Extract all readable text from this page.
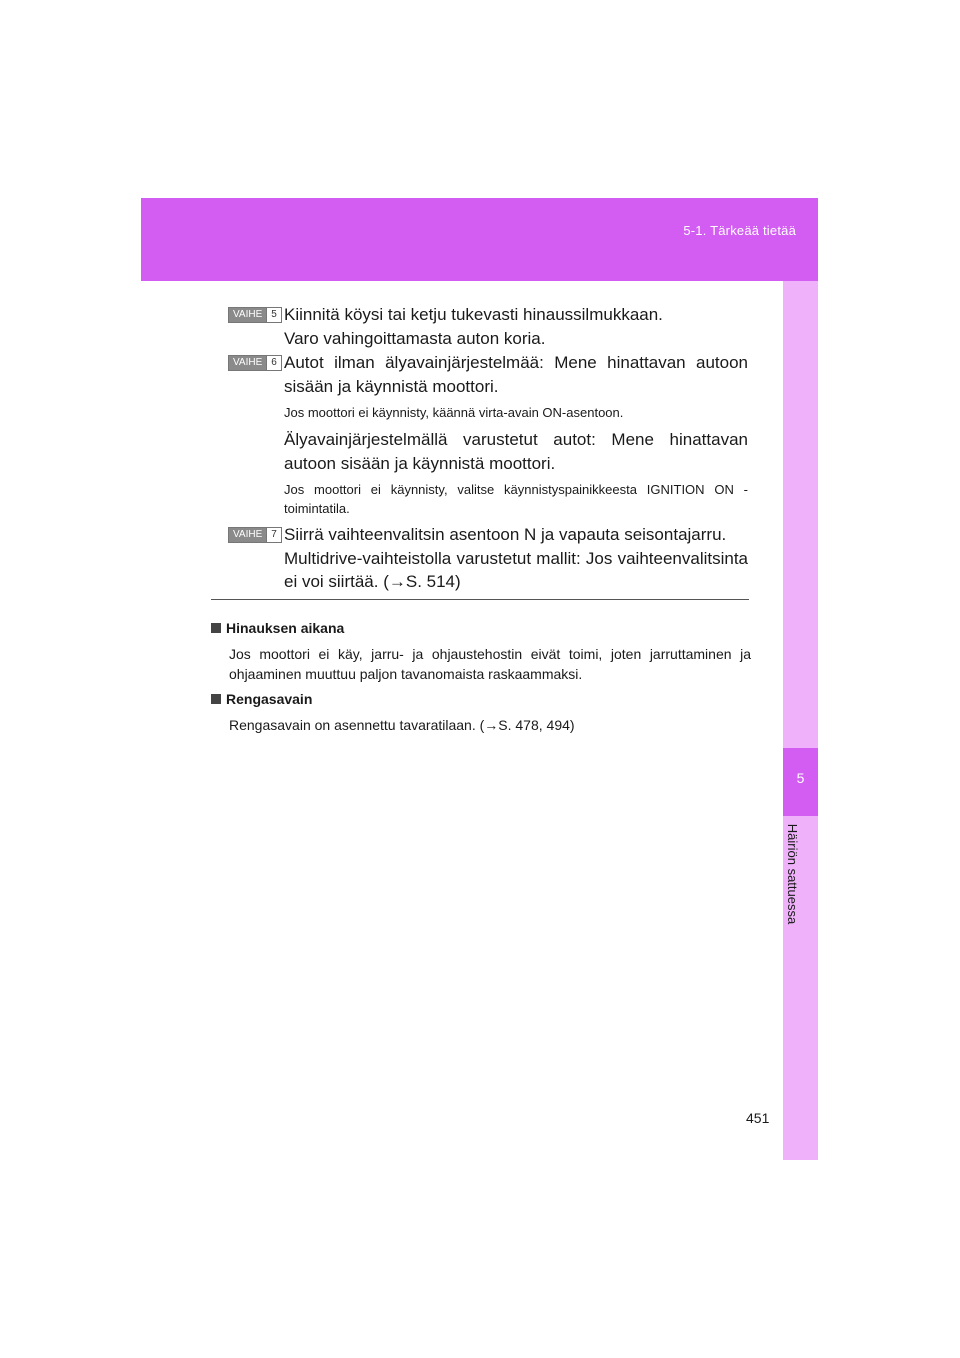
5-1. Tärkeää tietää
5
Häiriön sattuessa
VAIHE 5 Kiinnitä köysi tai ketju tukevasti hinaussilmukkaan.
Varo vahingoittamasta auton koria.
VAIHE 6 Autot ilman älyavainjärjestelmää: Mene hinattavan autoon sisään ja käynnistä moottori.
Jos moottori ei käynnisty, käännä virta-avain ON-asentoon.
Älyavainjärjestelmällä varustetut autot: Mene hinattavan autoon sisään ja käynnistä moottori.
Jos moottori ei käynnisty, valitse käynnistyspainikkeesta IGNITION ON -toimintatila.
VAIHE 7 Siirrä vaihteenvalitsin asentoon N ja vapauta seisontajarru.
Multidrive-vaihteistolla varustetut mallit: Jos vaihteenvalitsinta ei voi siirtää. (→S. 514)
Hinauksen aikana
Jos moottori ei käy, jarru- ja ohjaustehostin eivät toimi, joten jarruttaminen ja ohjaaminen muuttuu paljon tavanomaista raskaammaksi.
Rengasavain
Rengasavain on asennettu tavaratilaan. (→S. 478, 494)
451
